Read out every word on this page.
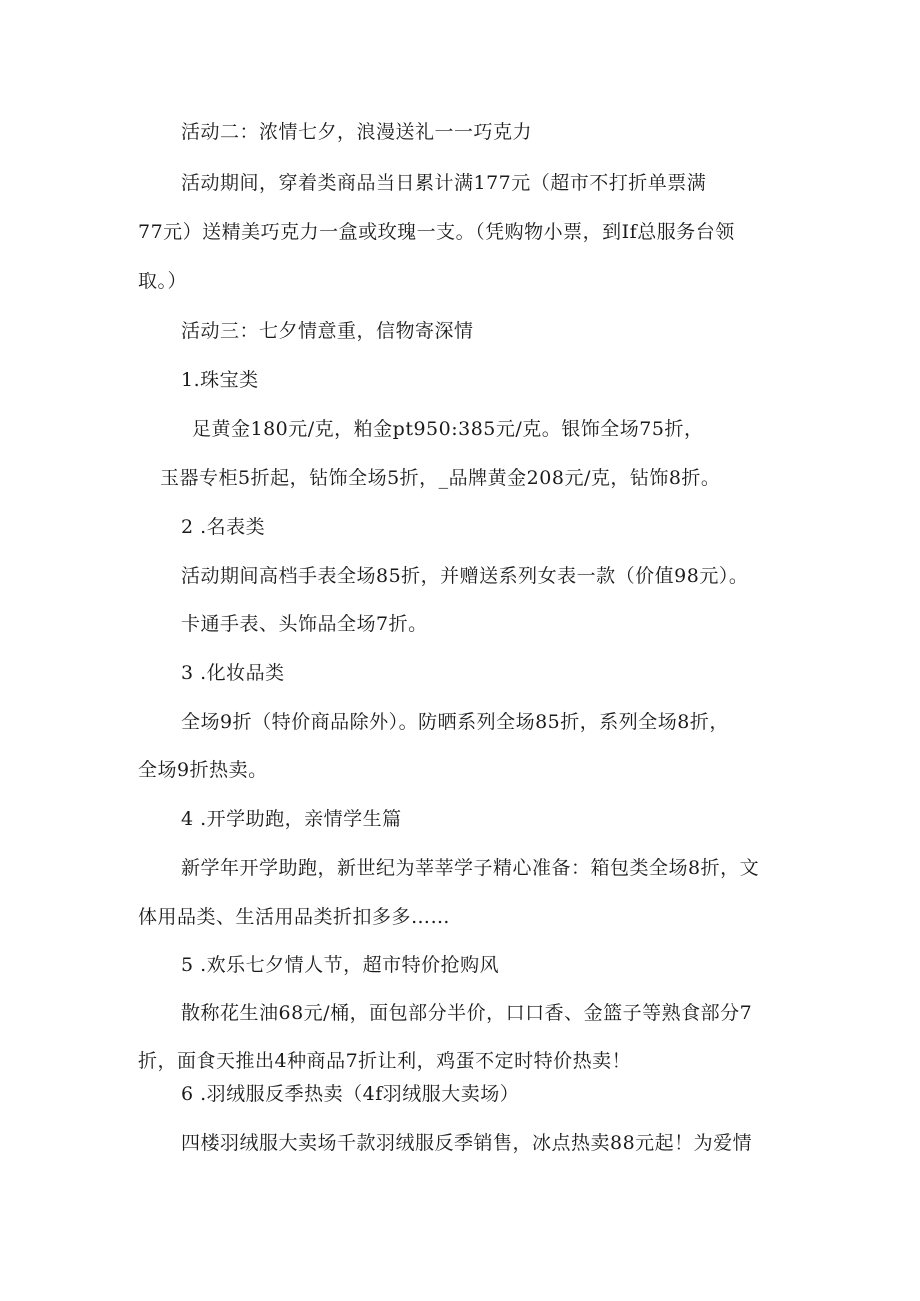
活动二：浓情七夕，浪漫送礼一一巧克力
活动期间，穿着类商品当日累计满177元（超市不打折单票满
77元）送精美巧克力一盒或玫瑰一支。（凭购物小票，到If总服务台领
取。）
活动三：七夕情意重，信物寄深情
1.珠宝类
足黄金180元/克，粕金pt950:385元/克。银饰全场75折，
玉器专柜5折起，钻饰全场5折，_品牌黄金208元/克，钻饰8折。
2 .名表类
活动期间高档手表全场85折，并赠送系列女表一款（价值98元）。
卡通手表、头饰品全场7折。
3 .化妆品类
全场9折（特价商品除外）。防晒系列全场85折，系列全场8折，
全场9折热卖。
4 .开学助跑，亲情学生篇
新学年开学助跑，新世纪为莘莘学子精心准备：箱包类全场8折，文
体用品类、生活用品类折扣多多……
5 .欢乐七夕情人节，超市特价抢购风
散称花生油68元/桶，面包部分半价，口口香、金篮子等熟食部分7
折，面食天推出4种商品7折让利，鸡蛋不定时特价热卖！
6 .羽绒服反季热卖（4f羽绒服大卖场）
四楼羽绒服大卖场千款羽绒服反季销售，冰点热卖88元起！为爱情
